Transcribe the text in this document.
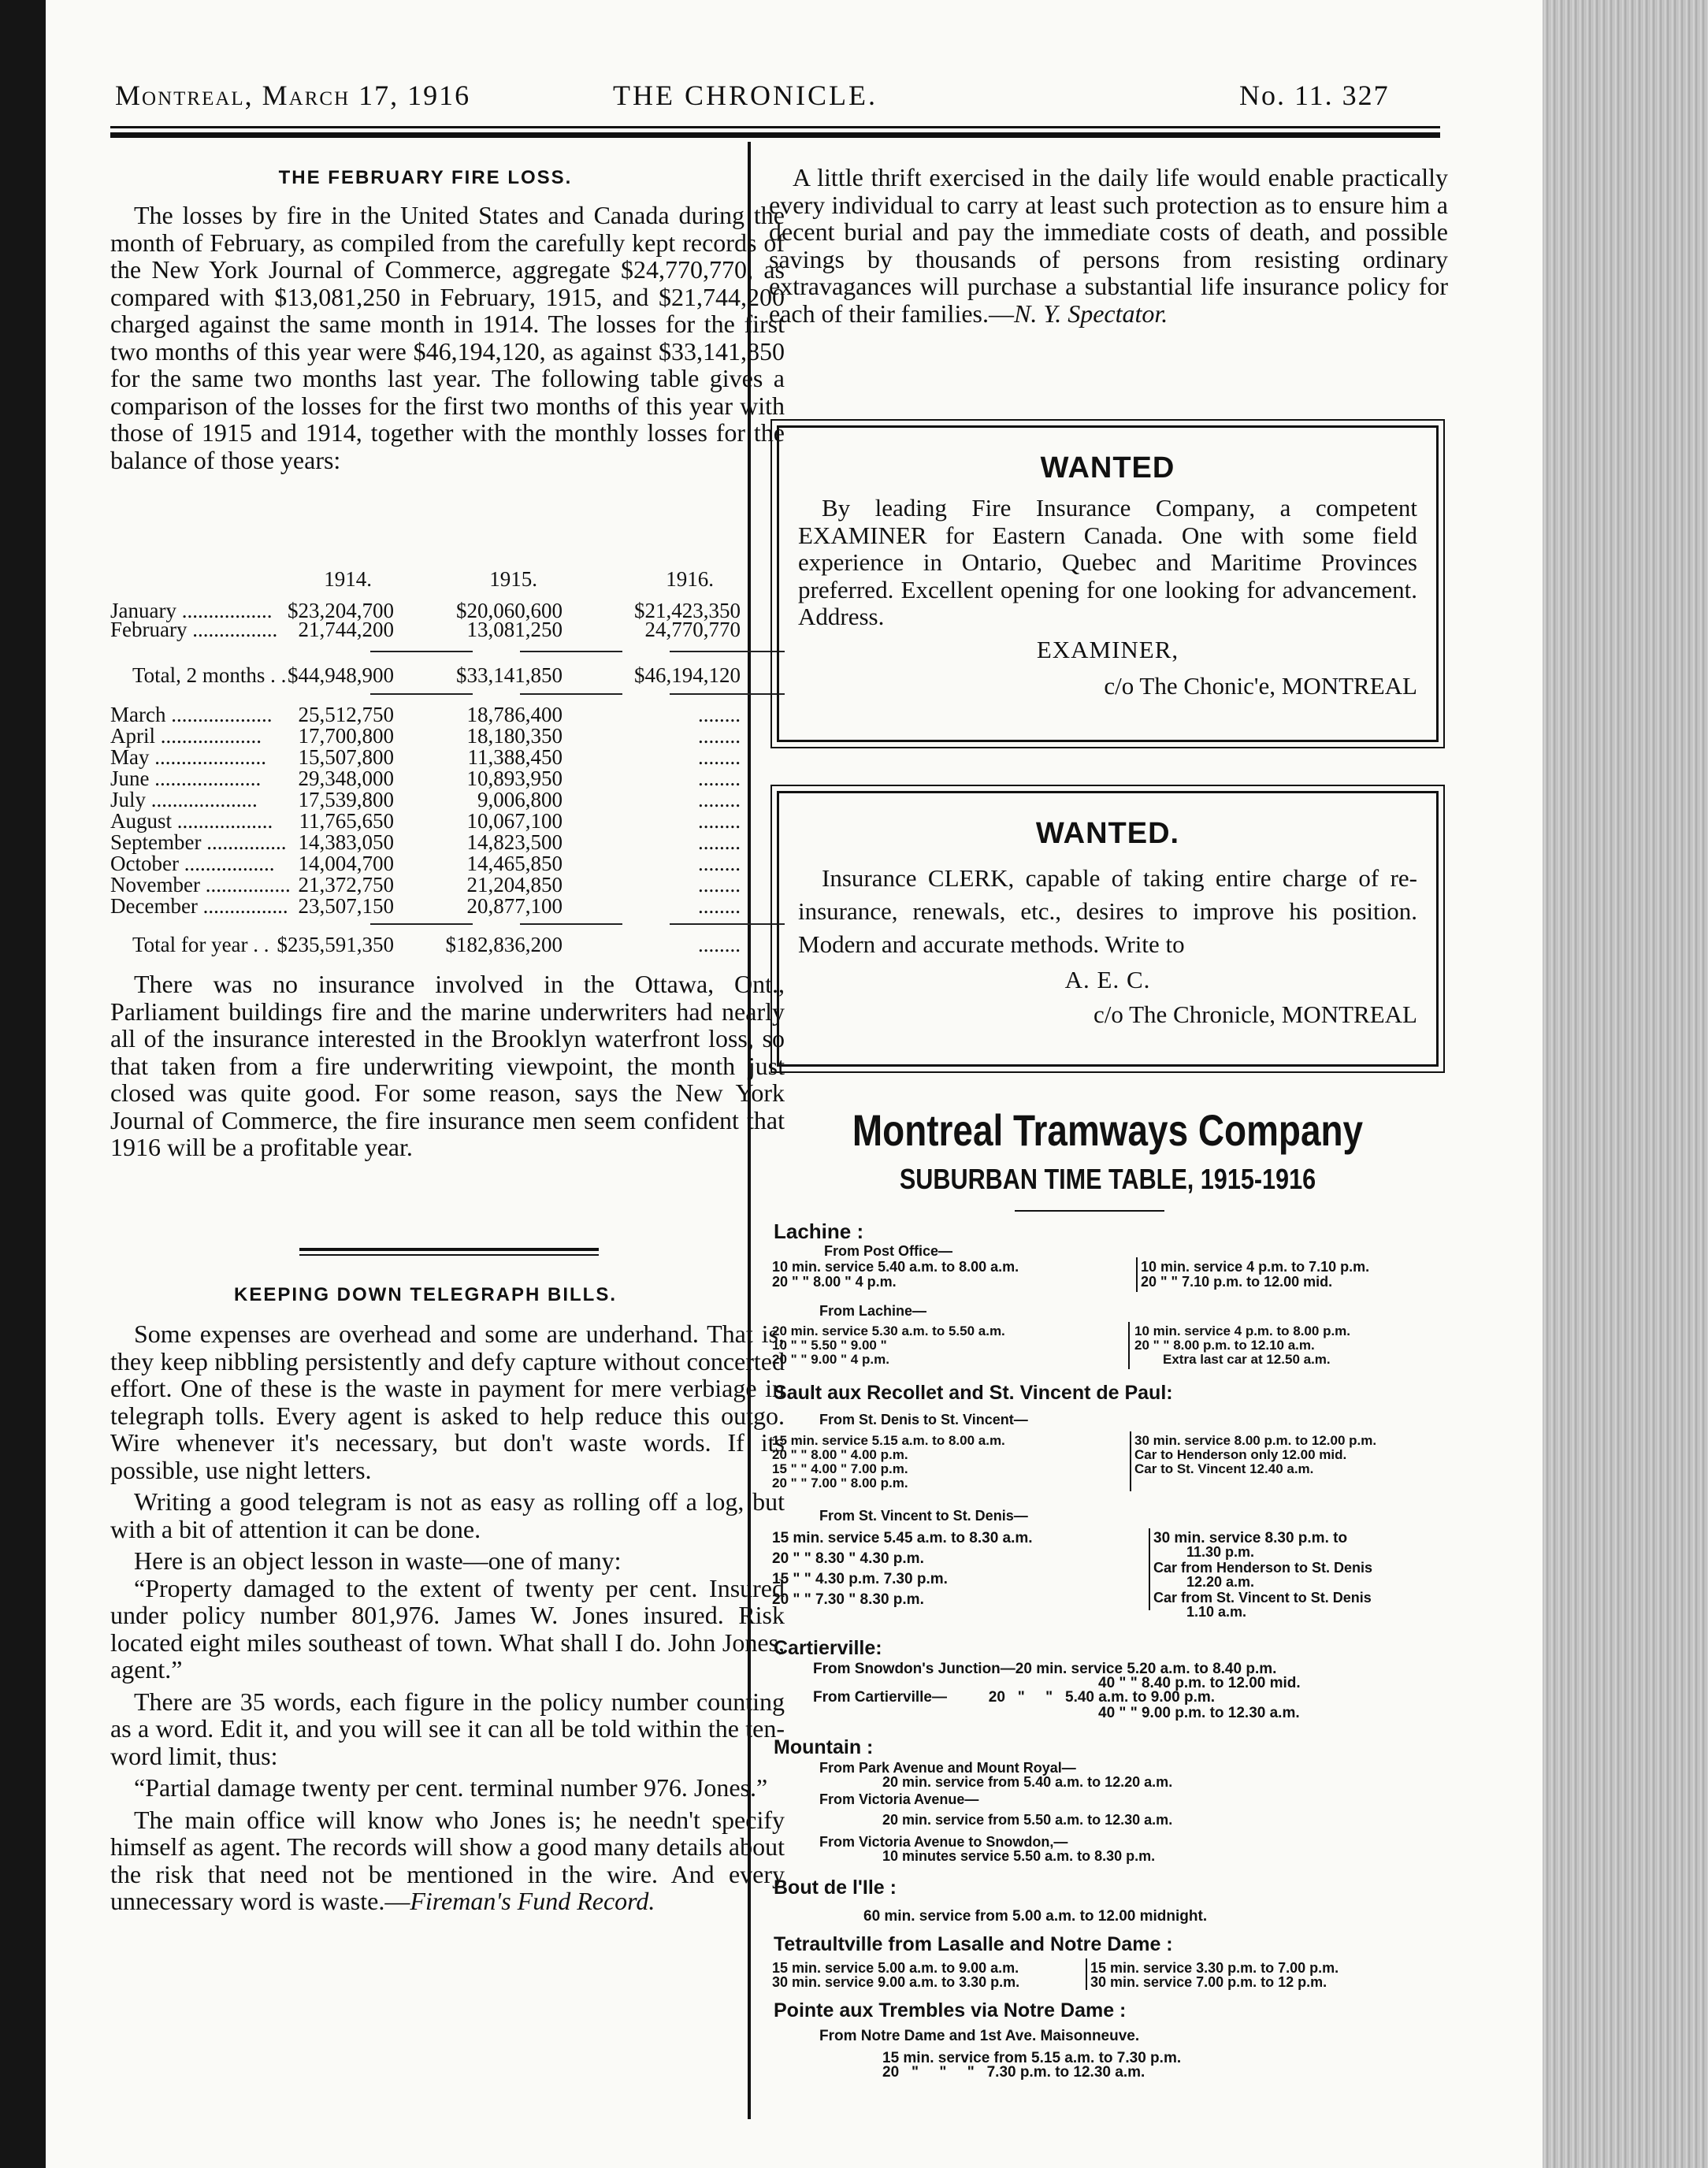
Montreal, March 17, 1916	THE CHRONICLE.	No. 11. 327
THE FEBRUARY FIRE LOSS.

The losses by fire in the United States and Canada during the month of February, as compiled from the carefully kept records of the New York Journal of Commerce, aggregate $24,770,770, as compared with $13,081,250 in February, 1915, and $21,744,200 charged against the same month in 1914. The losses for the first two months of this year were $46,194,120, as against $33,141,850 for the same two months last year. The following table gives a comparison of the losses for the first two months of this year with those of 1915 and 1914, together with the monthly losses for the balance of those years:

1914.	1915.	1916.
January ................. $23,204,700	$20,060,600	$21,423,350
February ................ 21,744,200	13,081,250	24,770,770
Total, 2 months . . $44,948,900	$33,141,850	$46,194,120
March ................... 25,512,750	18,786,400	........
April ................... 17,700,800	18,180,350	........
May ..................... 15,507,800	11,388,450	........
June .................... 29,348,000	10,893,950	........
July .................... 17,539,800	9,006,800	........
August .................. 11,765,650	10,067,100	........
September ............... 14,383,050	14,823,500	........
October ................. 14,004,700	14,465,850	........
November ................ 21,372,750	21,204,850	........
December ................ 23,507,150	20,877,100	........
Total for year . . $235,591,350 $182,836,200	........

There was no insurance involved in the Ottawa, Ont., Parliament buildings fire and the marine underwriters had nearly all of the insurance interested in the Brooklyn waterfront loss, so that taken from a fire underwriting viewpoint, the month just closed was quite good. For some reason, says the New York Journal of Commerce, the fire insurance men seem confident that 1916 will be a profitable year.

KEEPING DOWN TELEGRAPH BILLS.

Some expenses are overhead and some are underhand. That is, they keep nibbling persistently and defy capture without concerted effort. One of these is the waste in payment for mere verbiage in telegraph tolls. Every agent is asked to help reduce this outgo. Wire whenever it's necessary, but don't waste words. If its possible, use night letters.

Writing a good telegram is not as easy as rolling off a log, but with a bit of attention it can be done.

Here is an object lesson in waste—one of many:

“Property damaged to the extent of twenty per cent. Insured under policy number 801,976. James W. Jones insured. Risk located eight miles southeast of town. What shall I do. John Jones, agent.”

There are 35 words, each figure in the policy number counting as a word. Edit it, and you will see it can all be told within the ten-word limit, thus:

“Partial damage twenty per cent. terminal number 976. Jones.”

The main office will know who Jones is; he needn't specify himself as agent. The records will show a good many details about the risk that need not be mentioned in the wire. And every unnecessary word is waste.—Fireman's Fund Record.

A little thrift exercised in the daily life would enable practically every individual to carry at least such protection as to ensure him a decent burial and pay the immediate costs of death, and possible savings by thousands of persons from resisting ordinary extravagances will purchase a substantial life insurance policy for each of their families.—N. Y. Spectator.

WANTED

By leading Fire Insurance Company, a competent EXAMINER for Eastern Canada. One with some field experience in Ontario, Quebec and Maritime Provinces preferred. Excellent opening for one looking for advancement. Address.

EXAMINER,
c/o The Chonic'e, MONTREAL
WANTED.

Insurance CLERK, capable of taking entire charge of re-insurance, renewals, etc., desires to improve his position. Modern and accurate methods. Write to

A. E. C.
c/o The Chronicle, MONTREAL
Montreal Tramways Company
SUBURBAN TIME TABLE, 1915-1916
Lachine :
From Post Office—
10 min. service 5.40 a.m. to 8.00 a.m.
20 " " 8.00 " 4 p.m.
10 min. service 4 p.m. to 7.10 p.m.
20 " " 7.10 p.m. to 12.00 mid.
From Lachine—
20 min. service 5.30 a.m. to 5.50 a.m.
10 " " 5.50 " 9.00 "
20 " " 9.00 " 4 p.m.
10 min. service 4 p.m. to 8.00 p.m.
20 " " 8.00 p.m. to 12.10 a.m.
Extra last car at 12.50 a.m.
Sault aux Recollet and St. Vincent de Paul:
From St. Denis to St. Vincent—
15 min. service 5.15 a.m. to 8.00 a.m.
20 " " 8.00 " 4.00 p.m.
15 " " 4.00 " 7.00 p.m.
20 " " 7.00 " 8.00 p.m.
30 min. service 8.00 p.m. to 12.00 p.m.
Car to Henderson only 12.00 mid.
Car to St. Vincent 12.40 a.m.
From St. Vincent to St. Denis—
15 min. service 5.45 a.m. to 8.30 a.m.
20 " " 8.30 " 4.30 p.m.
15 " " 4.30 p.m. 7.30 p.m.
20 " " 7.30 " 8.30 p.m.
30 min. service 8.30 p.m. to
11.30 p.m.
Car from Henderson to St. Denis
12.20 a.m.
Car from St. Vincent to St. Denis
1.10 a.m.
Cartierville:
From Snowdon's Junction—20 min. service 5.20 a.m. to 8.40 p.m.
40 " " 8.40 p.m. to 12.00 mid.
From Cartierville—          20   "     "   5.40 a.m. to 9.00 p.m.
40 " " 9.00 p.m. to 12.30 a.m.
Mountain :
From Park Avenue and Mount Royal—
20 min. service from 5.40 a.m. to 12.20 a.m.
From Victoria Avenue—
20 min. service from 5.50 a.m. to 12.30 a.m.
From Victoria Avenue to Snowdon,—
10 minutes service 5.50 a.m. to 8.30 p.m.
Bout de l'Ile :
60 min. service from 5.00 a.m. to 12.00 midnight.
Tetraultville from Lasalle and Notre Dame :
15 min. service 5.00 a.m. to 9.00 a.m.
30 min. service 9.00 a.m. to 3.30 p.m.
15 min. service 3.30 p.m. to 7.00 p.m.
30 min. service 7.00 p.m. to 12 p.m.
Pointe aux Trembles via Notre Dame :
From Notre Dame and 1st Ave. Maisonneuve.
15 min. service from 5.15 a.m. to 7.30 p.m.
20   "     "     "   7.30 p.m. to 12.30 a.m.
